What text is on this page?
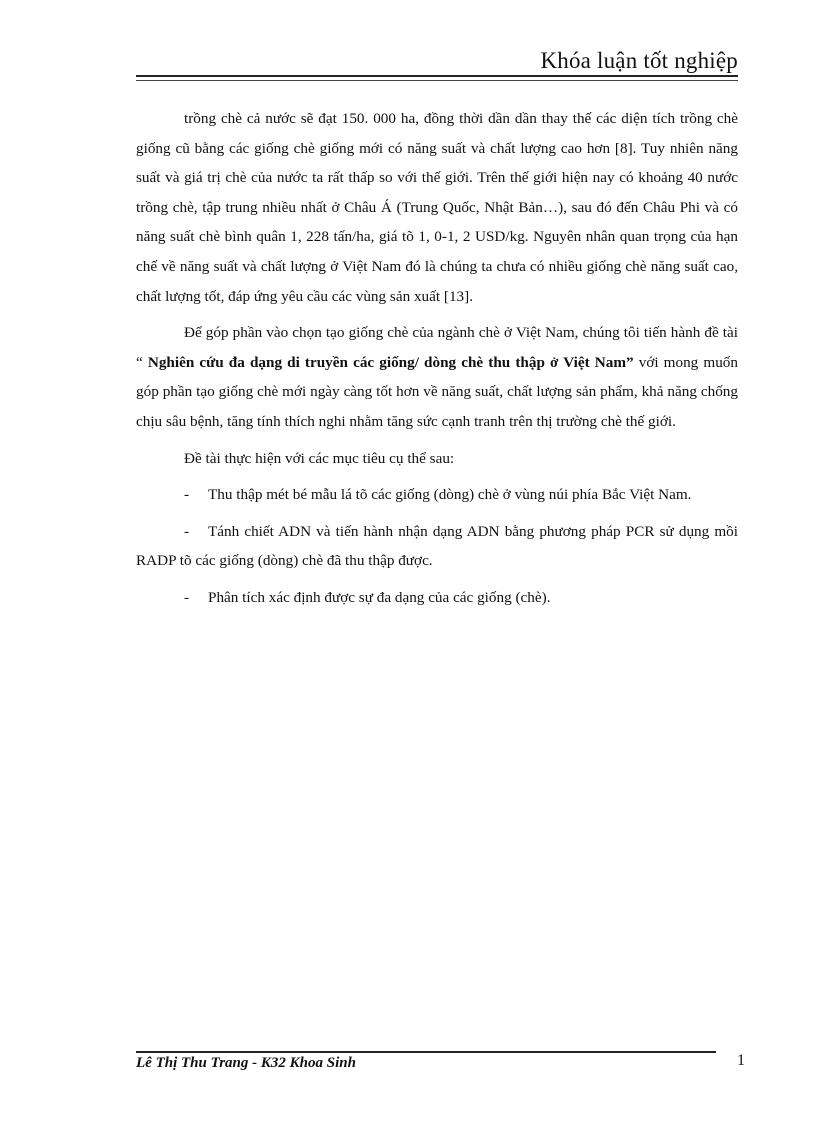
Khóa luận tốt nghiệp

trồng chè cả nước sẽ đạt 150. 000 ha, đồng thời dần dần thay thế các diện tích trồng chè giống cũ bằng các giống chè giống mới có năng suất và chất lượng cao hơn [8]. Tuy nhiên năng suất và giá trị chè của nước ta rất thấp so với thế giới. Trên thế giới hiện nay có khoảng 40 nước trồng chè, tập trung nhiều nhất ở Châu Á (Trung Quốc, Nhật Bản…), sau đó đến Châu Phi và có năng suất chè bình quân 1, 228 tấn/ha, giá tõ 1, 0-1, 2 USD/kg. Nguyên nhân quan trọng của hạn chế về năng suất và chất lượng ở Việt Nam đó là chúng ta chưa có nhiều giống chè năng suất cao, chất lượng tốt, đáp ứng yêu cầu các vùng sản xuất [13].

Để góp phần vào chọn tạo giống chè của ngành chè ở Việt Nam, chúng tôi tiến hành đề tài “ Nghiên cứu đa dạng di truyền các giống/ dòng chè thu thập ở Việt Nam” với mong muốn góp phần tạo giống chè mới ngày càng tốt hơn về năng suất, chất lượng sản phẩm, khả năng chống chịu sâu bệnh, tăng tính thích nghi nhằm tăng sức cạnh tranh trên thị trường chè thế giới.

Đề tài thực hiện với các mục tiêu cụ thể sau:

- Thu thập mét bé mẫu lá tõ các giống (dòng) chè ở vùng núi phía Bắc Việt Nam.

- Tánh chiết ADN và tiến hành nhận dạng ADN bằng phương pháp PCR sử dụng mồi RADP tõ các giống (dòng) chè đã thu thập được.

- Phân tích xác định được sự đa dạng của các giống (chè).

Lê Thị Thu Trang - K32 Khoa Sinh	1
